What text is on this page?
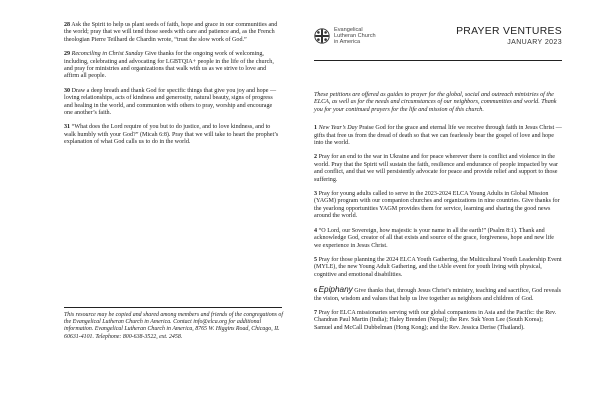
28 Ask the Spirit to help us plant seeds of faith, hope and grace in our communities and the world; pray that we will tend those seeds with care and patience and, as the French theologian Pierre Teilhard de Chardin wrote, “trust the slow work of God.”

29 Reconciling in Christ Sunday Give thanks for the ongoing work of welcoming, including, celebrating and advocating for LGBTQIA+ people in the life of the church, and pray for ministries and organizations that walk with us as we strive to love and affirm all people.

30 Draw a deep breath and thank God for specific things that give you joy and hope — loving relationships, acts of kindness and generosity, natural beauty, signs of progress and healing in the world, and communion with others to pray, worship and encourage one another’s faith.

31 “What does the Lord require of you but to do justice, and to love kindness, and to walk humbly with your God?” (Micah 6:8). Pray that we will take to heart the prophet’s explanation of what God calls us to do in the world.

This resource may be copied and shared among members and friends of the congregations of the Evangelical Lutheran Church in America. Contact info@elca.org for additional information. Evangelical Lutheran Church in America, 8765 W. Higgins Road, Chicago, IL 60631-4101. Telephone: 800-638-3522, ext. 2458.
Evangelical
Lutheran Church
in America
PRAYER VENTURES
JANUARY 2023
These petitions are offered as guides to prayer for the global, social and outreach ministries of the ELCA, as well as for the needs and circumstances of our neighbors, communities and world. Thank you for your continued prayers for the life and mission of this church.

1 New Year’s Day Praise God for the grace and eternal life we receive through faith in Jesus Christ — gifts that free us from the dread of death so that we can fearlessly bear the gospel of love and hope into the world.

2 Pray for an end to the war in Ukraine and for peace wherever there is conflict and violence in the world. Pray that the Spirit will sustain the faith, resilience and endurance of people impacted by war and conflict, and that we will persistently advocate for peace and provide relief and support to those suffering.

3 Pray for young adults called to serve in the 2023-2024 ELCA Young Adults in Global Mission (YAGM) program with our companion churches and organizations in nine countries. Give thanks for the yearlong opportunities YAGM provides them for service, learning and sharing the good news around the world.

4 “O Lord, our Sovereign, how majestic is your name in all the earth!” (Psalm 8:1). Thank and acknowledge God, creator of all that exists and source of the grace, forgiveness, hope and new life we experience in Jesus Christ.

5 Pray for those planning the 2024 ELCA Youth Gathering, the Multicultural Youth Leadership Event (MYLE), the new Young Adult Gathering, and the tAble event for youth living with physical, cognitive and emotional disabilities.

6 Epiphany Give thanks that, through Jesus Christ’s ministry, teaching and sacrifice, God reveals the vision, wisdom and values that help us live together as neighbors and children of God.

7 Pray for ELCA missionaries serving with our global companions in Asia and the Pacific: the Rev. Chandran Paul Martin (India); Haley Brenden (Nepal); the Rev. Suk Yeon Lee (South Korea); Samuel and McCall Dubbelman (Hong Kong); and the Rev. Jessica Derise (Thailand).
